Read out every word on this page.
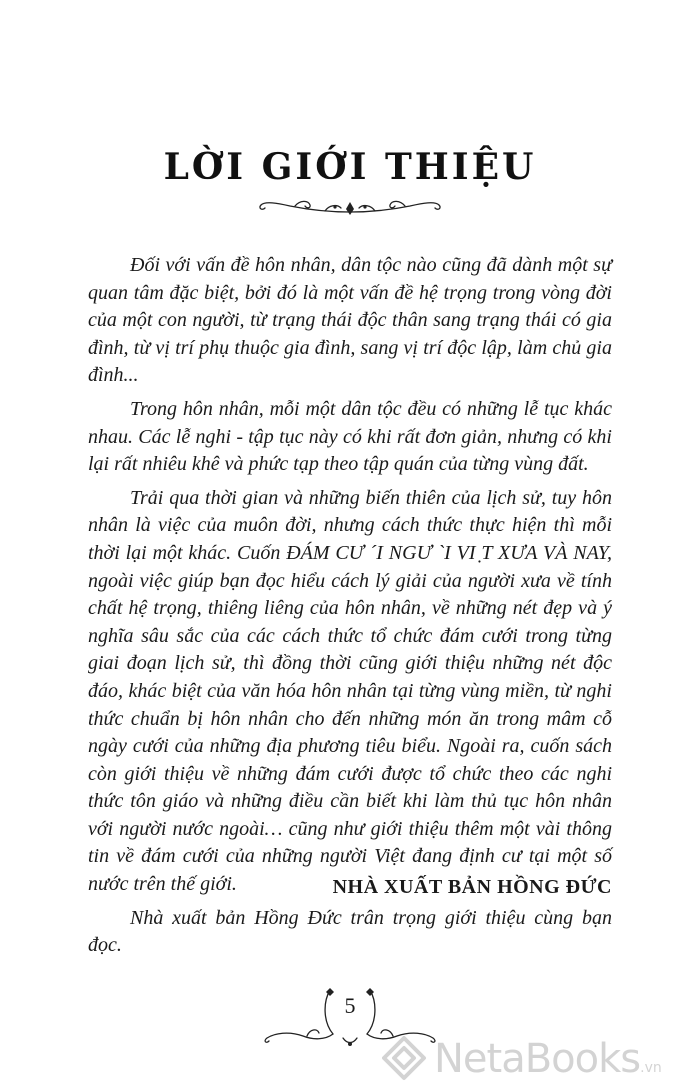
LỜI GIỚI THIỆU

Đối với vấn đề hôn nhân, dân tộc nào cũng đã dành một sự quan tâm đặc biệt, bởi đó là một vấn đề hệ trọng trong vòng đời của một con người, từ trạng thái độc thân sang trạng thái có gia đình, từ vị trí phụ thuộc gia đình, sang vị trí độc lập, làm chủ gia đình...

Trong hôn nhân, mỗi một dân tộc đều có những lễ tục khác nhau. Các lễ nghi - tập tục này có khi rất đơn giản, nhưng có khi lại rất nhiêu khê và phức tạp theo tập quán của từng vùng đất.

Trải qua thời gian và những biến thiên của lịch sử, tuy hôn nhân là việc của muôn đời, nhưng cách thức thực hiện thì mỗi thời lại một khác. Cuốn ĐÁM CƯ ´I NGƯ `I VI ̣T XƯA VÀ NAY, ngoài việc giúp bạn đọc hiểu cách lý giải của người xưa về tính chất hệ trọng, thiêng liêng của hôn nhân, về những nét đẹp và ý nghĩa sâu sắc của các cách thức tổ chức đám cưới trong từng giai đoạn lịch sử, thì đồng thời cũng giới thiệu những nét độc đáo, khác biệt của văn hóa hôn nhân tại từng vùng miền, từ nghi thức chuẩn bị hôn nhân cho đến những món ăn trong mâm cỗ ngày cưới của những địa phương tiêu biểu. Ngoài ra, cuốn sách còn giới thiệu về những đám cưới được tổ chức theo các nghi thức tôn giáo và những điều cần biết khi làm thủ tục hôn nhân với người nước ngoài… cũng như giới thiệu thêm một vài thông tin về đám cưới của những người Việt đang định cư tại một số nước trên thế giới.

Nhà xuất bản Hồng Đức trân trọng giới thiệu cùng bạn đọc.

NHÀ XUẤT BẢN HỒNG ĐỨC
5
NetaBooks.vn
